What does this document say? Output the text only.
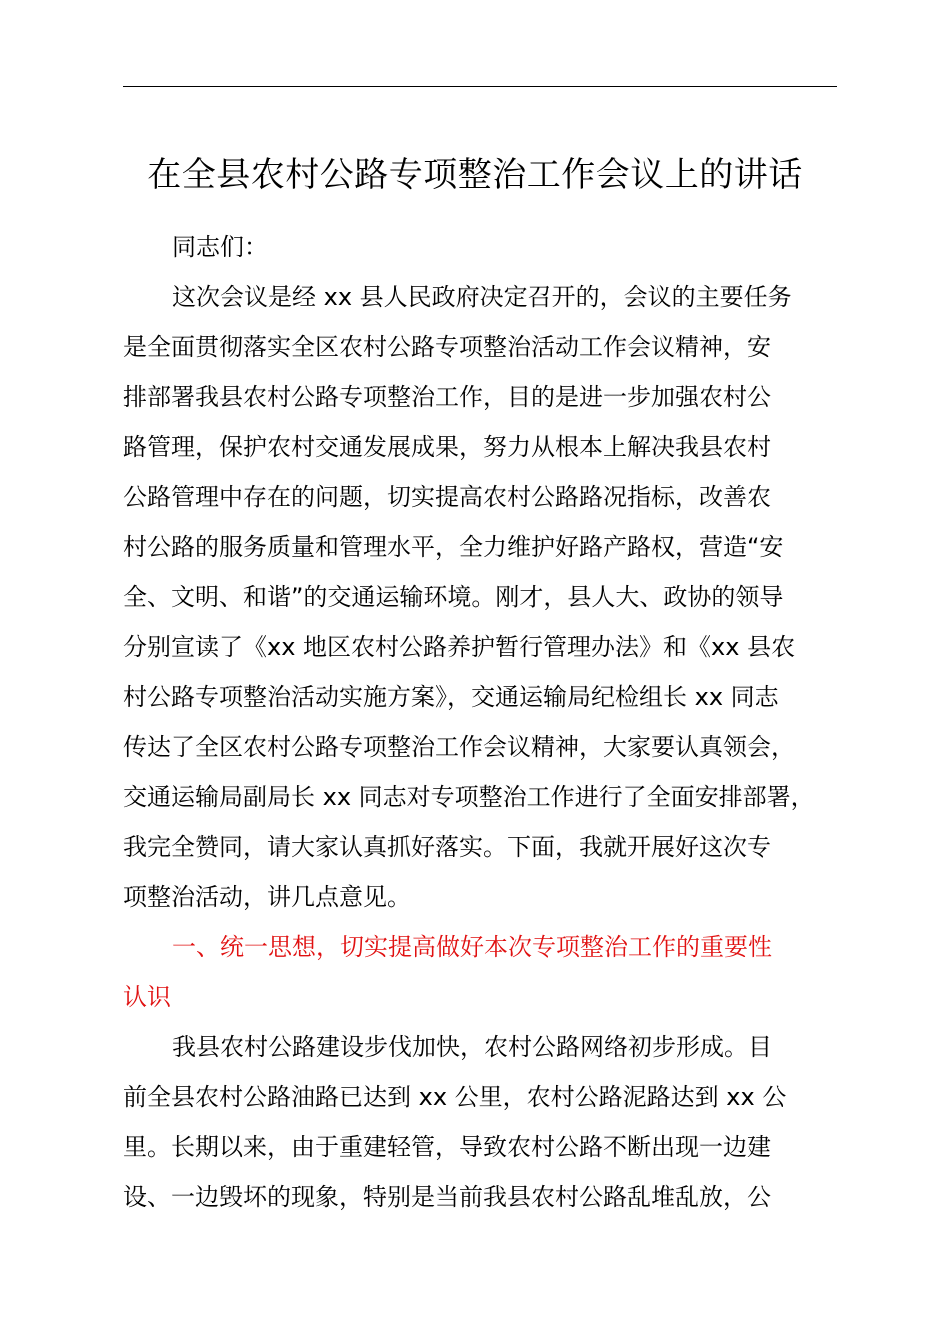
在全县农村公路专项整治工作会议上的讲话
同志们：
这次会议是经 xx 县人民政府决定召开的，会议的主要任务
是全面贯彻落实全区农村公路专项整治活动工作会议精神，安
排部署我县农村公路专项整治工作，目的是进一步加强农村公
路管理，保护农村交通发展成果，努力从根本上解决我县农村
公路管理中存在的问题，切实提高农村公路路况指标，改善农
村公路的服务质量和管理水平，全力维护好路产路权，营造“安
全、文明、和谐”的交通运输环境。刚才，县人大、政协的领导
分别宣读了《xx 地区农村公路养护暂行管理办法》和《xx 县农
村公路专项整治活动实施方案》，交通运输局纪检组长 xx 同志
传达了全区农村公路专项整治工作会议精神，大家要认真领会，
交通运输局副局长 xx 同志对专项整治工作进行了全面安排部署，
我完全赞同，请大家认真抓好落实。下面，我就开展好这次专
项整治活动，讲几点意见。
一、统一思想，切实提高做好本次专项整治工作的重要性
认识
我县农村公路建设步伐加快，农村公路网络初步形成。目
前全县农村公路油路已达到 xx 公里，农村公路泥路达到 xx 公
里。长期以来，由于重建轻管，导致农村公路不断出现一边建
设、一边毁坏的现象，特别是当前我县农村公路乱堆乱放，公
